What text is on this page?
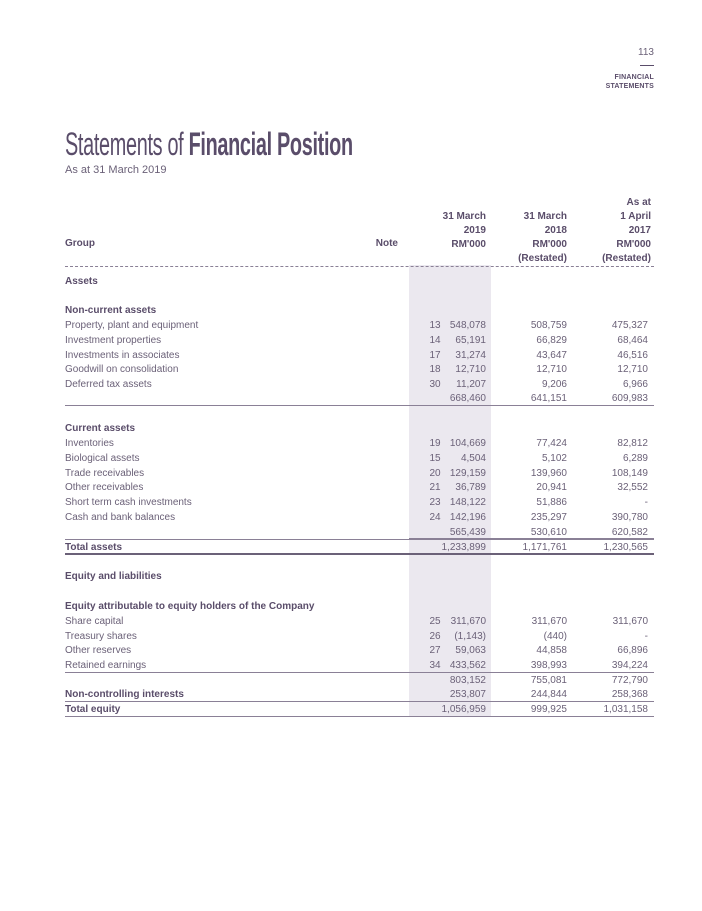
113
FINANCIAL
STATEMENTS
Statements of Financial Position
As at 31 March 2019
Group	Note
31 March
2019
RM'000
31 March
2018
RM'000
(Restated)
As at
1 April
2017
RM'000
(Restated)
Assets
Non-current assets
Property, plant and equipment	13 548,078	508,759	475,327
Investment properties	14	65,191	66,829	68,464
Investments in associates	17	31,274	43,647	46,516
Goodwill on consolidation	18	12,710	12,710	12,710
Deferred tax assets	30	11,207	9,206	6,966
668,460	641,151	609,983
Current assets
Inventories	19 104,669	77,424	82,812
Biological assets	15	4,504	5,102	6,289
Trade receivables	20 129,159	139,960	108,149
Other receivables	21	36,789	20,941	32,552
Short term cash investments	23 148,122	51,886	-
Cash and bank balances	24 142,196	235,297	390,780
565,439	530,610	620,582
Total assets	1,233,899	1,171,761	1,230,565
Equity and liabilities
Equity attributable to equity holders of the Company
Share capital	25	311,670	311,670	311,670
Treasury shares	26	(1,143)	(440)	-
Other reserves	27	59,063	44,858	66,896
Retained earnings	34 433,562	398,993	394,224
803,152	755,081	772,790
Non-controlling interests	253,807	244,844	258,368
Total equity	1,056,959	999,925	1,031,158
